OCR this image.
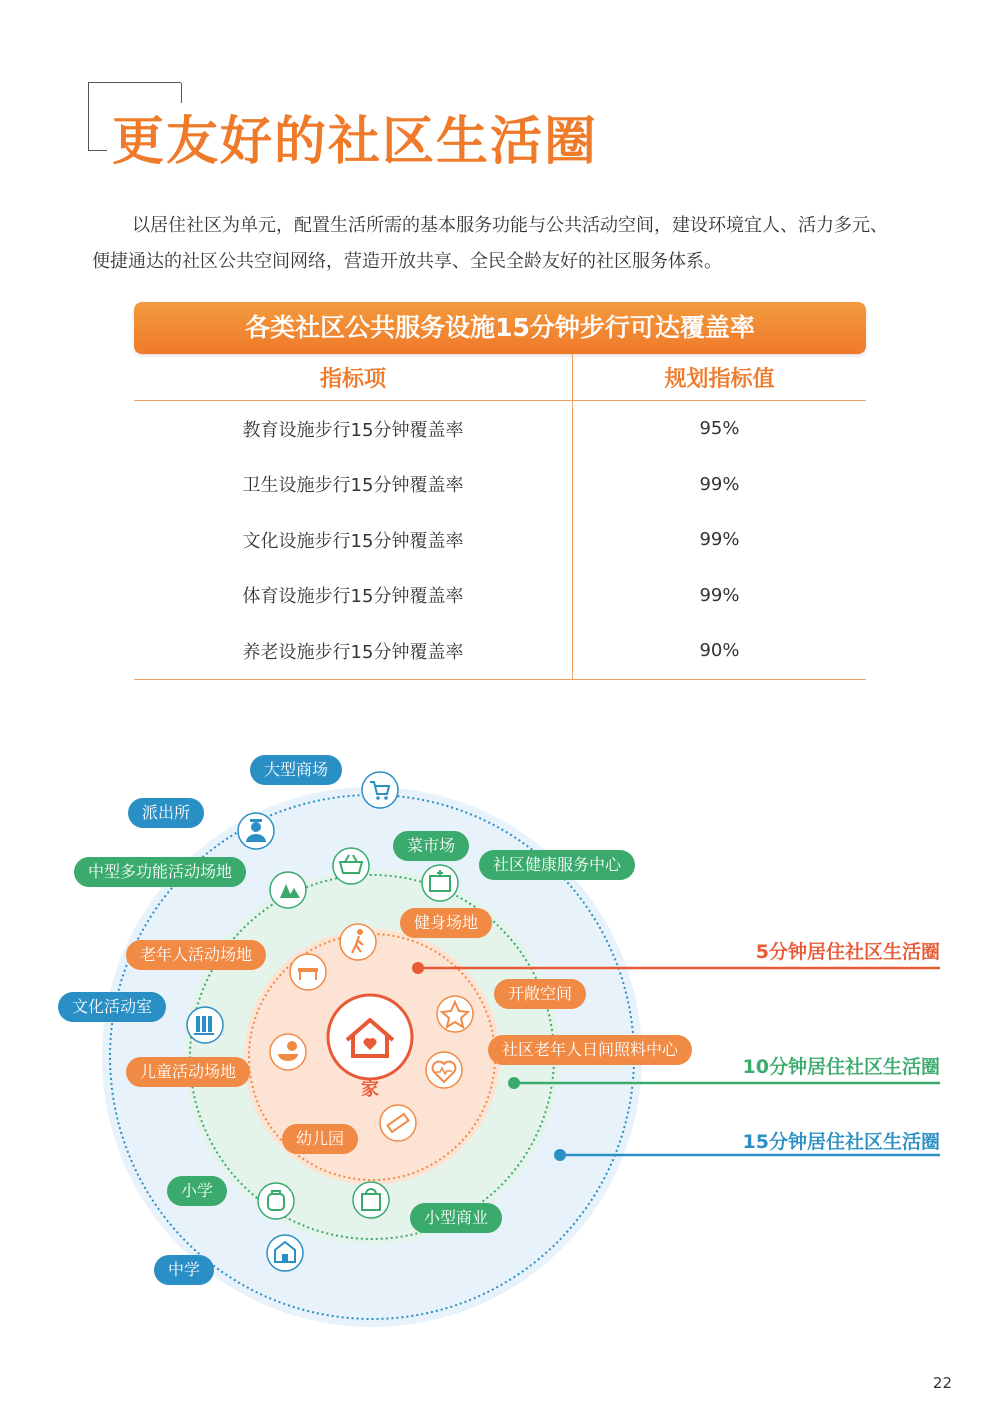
更友好的社区生活圈

以居住社区为单元，配置生活所需的基本服务功能与公共活动空间，建设环境宜人、活力多元、便捷通达的社区公共空间网络，营造开放共享、全民全龄友好的社区服务体系。

各类社区公共服务设施15分钟步行可达覆盖率
指标项	规划指标值
教育设施步行15分钟覆盖率	95%
卫生设施步行15分钟覆盖率	99%
文化设施步行15分钟覆盖率	99%
体育设施步行15分钟覆盖率	99%
养老设施步行15分钟覆盖率	90%
家
大型商场
派出所
文化活动室
中学
菜市场
社区健康服务中心
中型多功能活动场地
小学
小型商业
健身场地
老年人活动场地
开敞空间
社区老年人日间照料中心
儿童活动场地
幼儿园
5分钟居住社区生活圈
10分钟居住社区生活圈
15分钟居住社区生活圈
22
